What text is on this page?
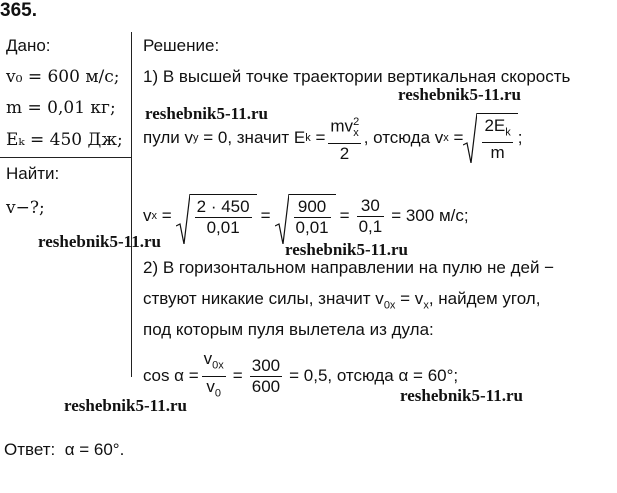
365.
Дано:
v₀ = 600 м/с;
m = 0,01 кг;
Eₖ = 450 Дж;
Найти:
v−?;
Решение:
1) В высшей точке траектории вертикальная скорость
пули v y = 0, значит E $k = \frac{mv^2_x}{2}$ , отсюда v $x = \frac{2E_k}{m}$ ;
v $x = \frac{2 \cdot 450}{0,01} = \frac{900}{0,01} = \frac{30}{0,1} = 300$ м/с;
2) В горизонтальном направлении на пулю не дей −
ствуют никакие силы, значит $v_{0x} = v_x$, найдем угол,
под которым пуля вылетела из дула:
$\cos \alpha = \frac{v_{0x}}{v_0} = \frac{300}{600} = 0,5$, отсюда α = 60°;
Ответ:  α = 60°.
reshebnik5-11.ru
reshebnik5-11.ru
reshebnik5-11.ru	reshebnik5-11.ru
reshebnik5-11.ru
reshebnik5-11.ru
